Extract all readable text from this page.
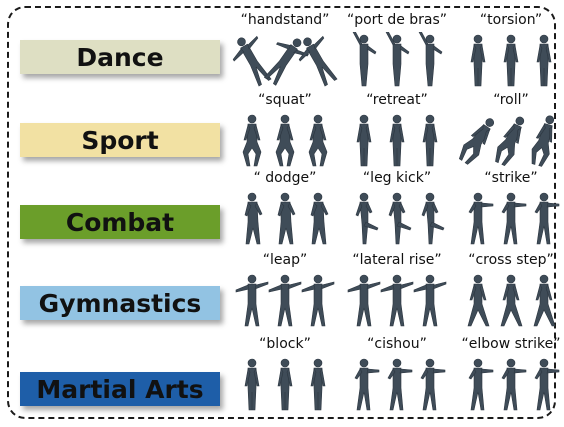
Dance
“handstand”	“port de bras”	“torsion”
Sport
“squat”	“retreat”	“roll”
Combat
“ dodge”	“leg kick”	“strike”
Gymnastics
“leap”	“lateral rise”	“cross step”
Martial Arts
“block”	“cishou”	“elbow strike”
